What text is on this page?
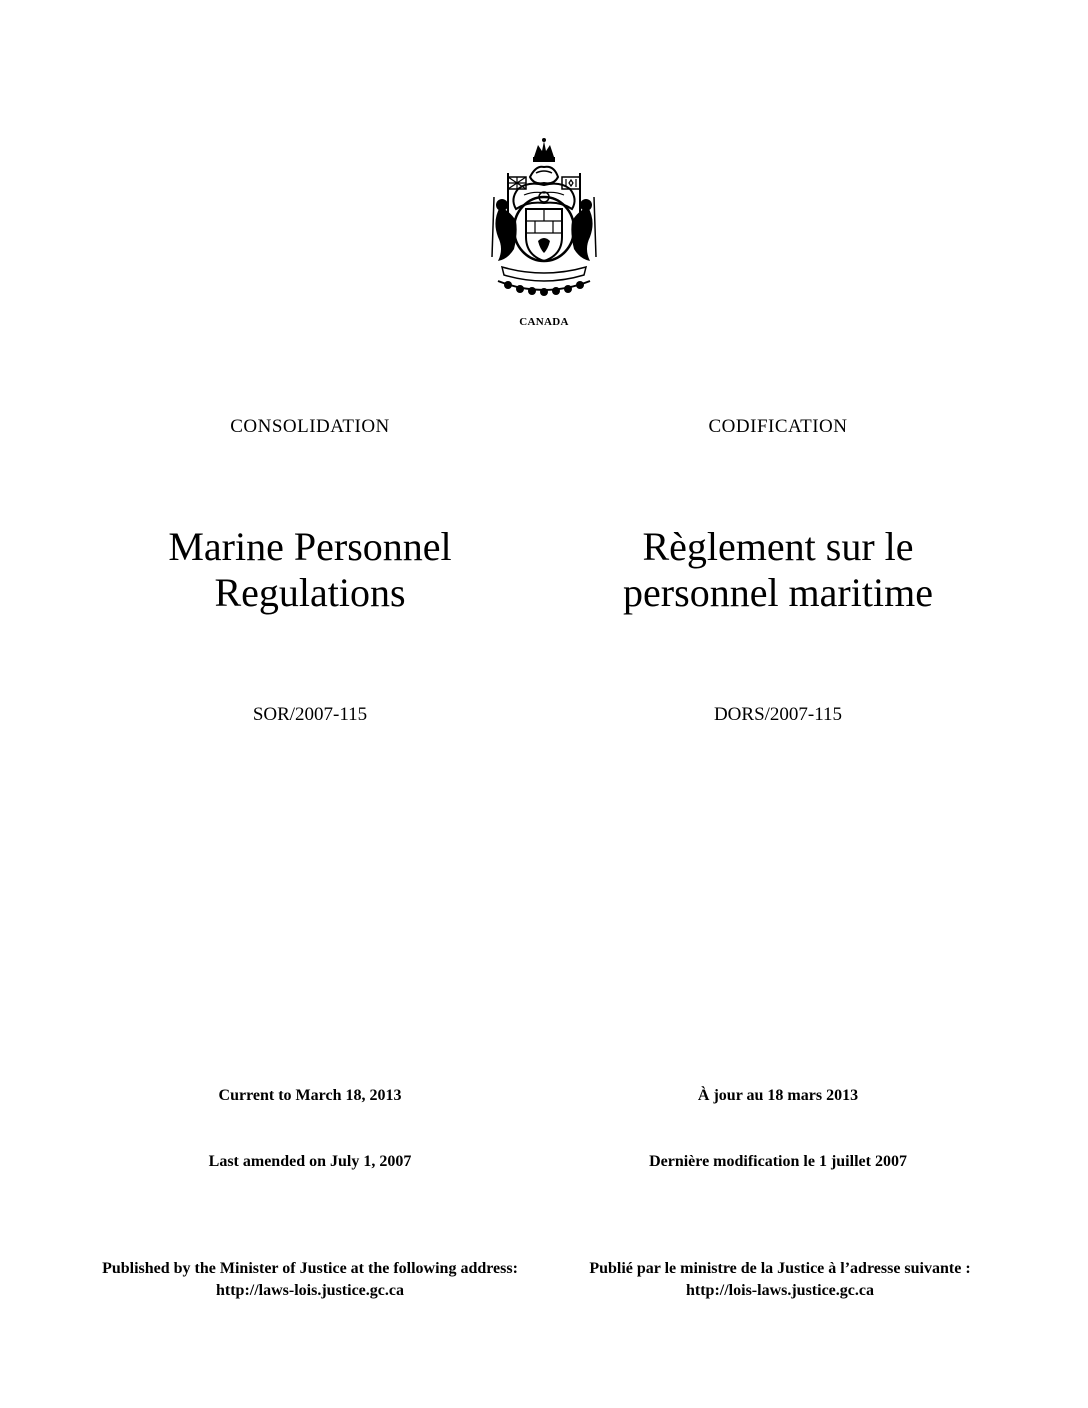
CANADA
CONSOLIDATION	CODIFICATION
Marine Personnel
Regulations
Règlement sur le
personnel maritime
SOR/2007-115	DORS/2007-115
Current to March 18, 2013	À jour au 18 mars 2013
Last amended on July 1, 2007	Dernière modification le 1 juillet 2007
Published by the Minister of Justice at the following address:
http://laws-lois.justice.gc.ca
Publié par le ministre de la Justice à l’adresse suivante :
http://lois-laws.justice.gc.ca
